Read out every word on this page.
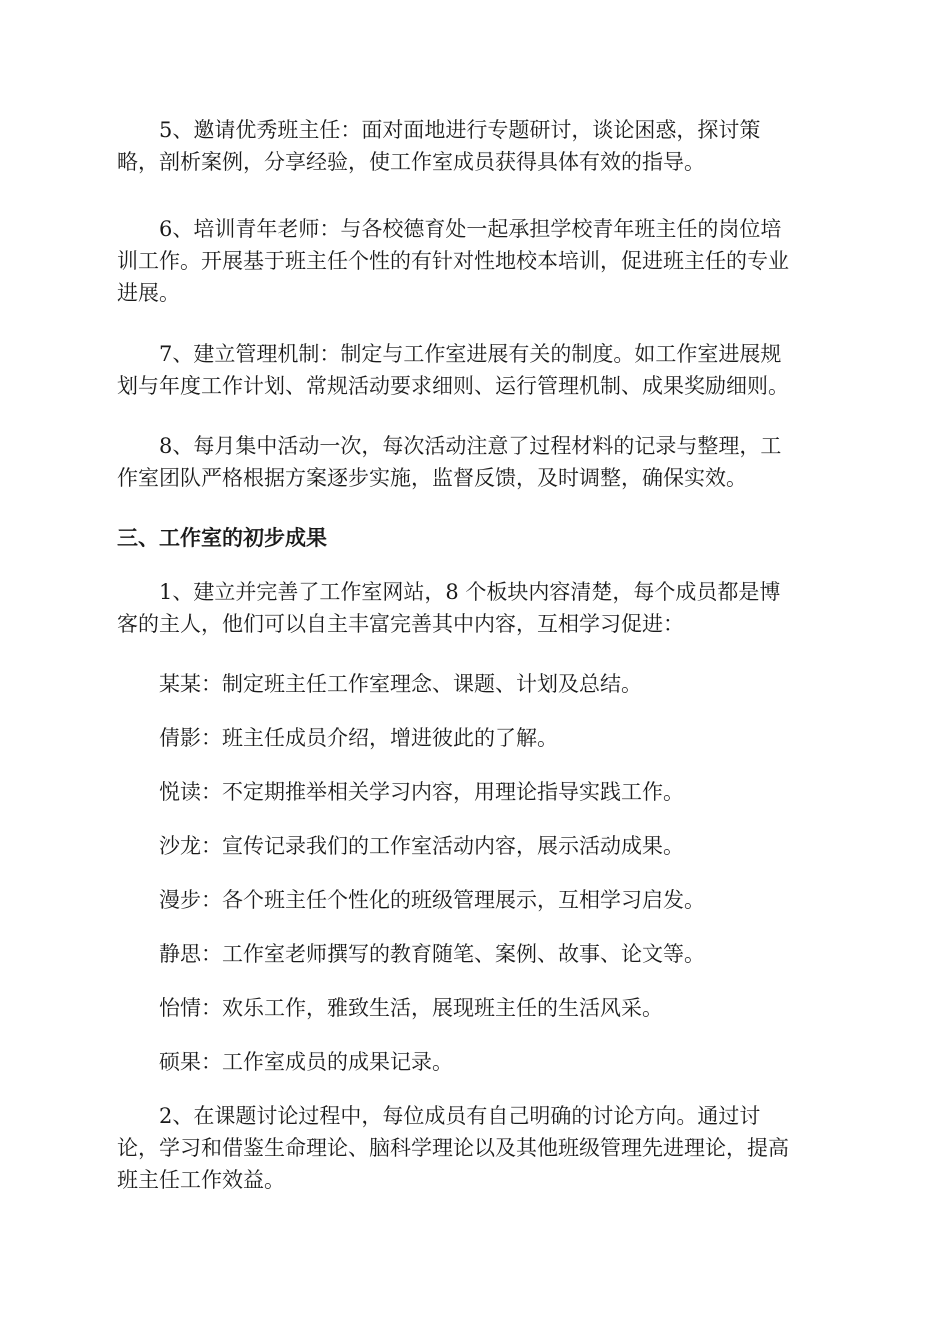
5、邀请优秀班主任：面对面地进行专题研讨，谈论困惑，探讨策
略，剖析案例，分享经验，使工作室成员获得具体有效的指导。
6、培训青年老师：与各校德育处一起承担学校青年班主任的岗位培
训工作。开展基于班主任个性的有针对性地校本培训，促进班主任的专业
进展。
7、建立管理机制：制定与工作室进展有关的制度。如工作室进展规
划与年度工作计划、常规活动要求细则、运行管理机制、成果奖励细则。
8、每月集中活动一次，每次活动注意了过程材料的记录与整理，工
作室团队严格根据方案逐步实施，监督反馈，及时调整，确保实效。
三、工作室的初步成果
1、建立并完善了工作室网站，8 个板块内容清楚，每个成员都是博
客的主人，他们可以自主丰富完善其中内容，互相学习促进：
某某：制定班主任工作室理念、课题、计划及总结。
倩影：班主任成员介绍，增进彼此的了解。
悦读：不定期推举相关学习内容，用理论指导实践工作。
沙龙：宣传记录我们的工作室活动内容，展示活动成果。
漫步：各个班主任个性化的班级管理展示，互相学习启发。
静思：工作室老师撰写的教育随笔、案例、故事、论文等。
怡情：欢乐工作，雅致生活，展现班主任的生活风采。
硕果：工作室成员的成果记录。
2、在课题讨论过程中，每位成员有自己明确的讨论方向。通过讨
论，学习和借鉴生命理论、脑科学理论以及其他班级管理先进理论，提高
班主任工作效益。
